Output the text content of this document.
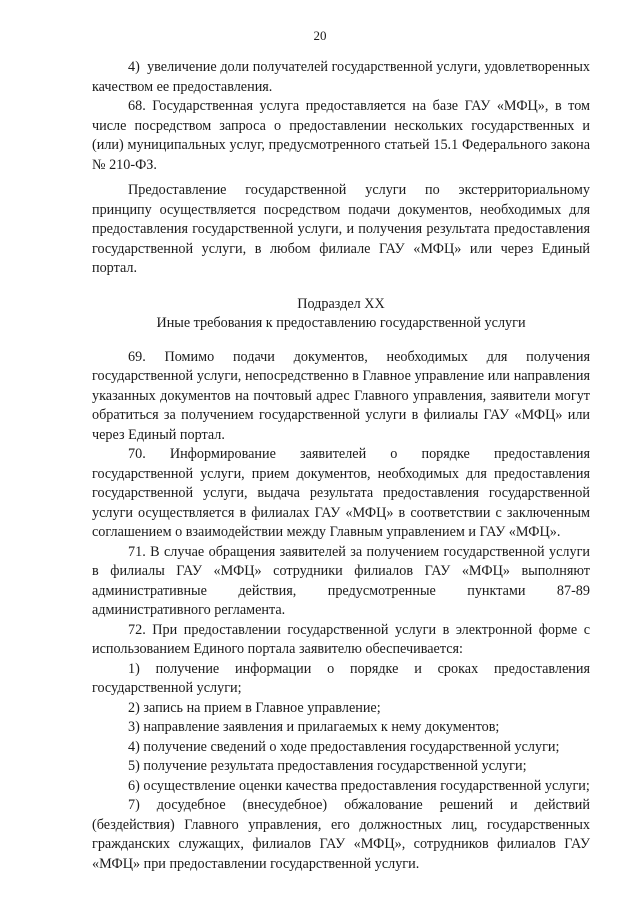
20

4)  увеличение доли получателей государственной услуги, удовлетворенных качеством ее предоставления.

68. Государственная услуга предоставляется на базе ГАУ «МФЦ», в том числе посредством запроса о предоставлении нескольких государственных и (или) муниципальных услуг, предусмотренного статьей 15.1 Федерального закона № 210-ФЗ.

Предоставление государственной услуги по экстерриториальному принципу осуществляется посредством подачи документов, необходимых для предоставления государственной услуги, и получения результата предоставления государственной услуги, в любом филиале ГАУ «МФЦ» или через Единый портал.

Подраздел XX

Иные требования к предоставлению государственной услуги

69. Помимо подачи документов, необходимых для получения государственной услуги, непосредственно в Главное управление или направления указанных документов на почтовый адрес Главного управления, заявители могут обратиться за получением государственной услуги в филиалы ГАУ «МФЦ» или через Единый портал.

70. Информирование заявителей о порядке предоставления государственной услуги, прием документов, необходимых для предоставления государственной услуги, выдача результата предоставления государственной услуги осуществляется в филиалах ГАУ «МФЦ» в соответствии с заключенным соглашением о взаимодействии между Главным управлением и ГАУ «МФЦ».

71. В случае обращения заявителей за получением государственной услуги в филиалы ГАУ «МФЦ» сотрудники филиалов ГАУ «МФЦ» выполняют административные действия, предусмотренные пунктами 87-89 административного регламента.

72. При предоставлении государственной услуги в электронной форме с использованием Единого портала заявителю обеспечивается:

1) получение информации о порядке и сроках предоставления государственной услуги;

2) запись на прием в Главное управление;

3) направление заявления и прилагаемых к нему документов;

4) получение сведений о ходе предоставления государственной услуги;

5) получение результата предоставления государственной услуги;

6) осуществление оценки качества предоставления государственной услуги;

7) досудебное (внесудебное) обжалование решений и действий (бездействия) Главного управления, его должностных лиц, государственных гражданских служащих, филиалов ГАУ «МФЦ», сотрудников филиалов ГАУ «МФЦ» при предоставлении государственной услуги.
